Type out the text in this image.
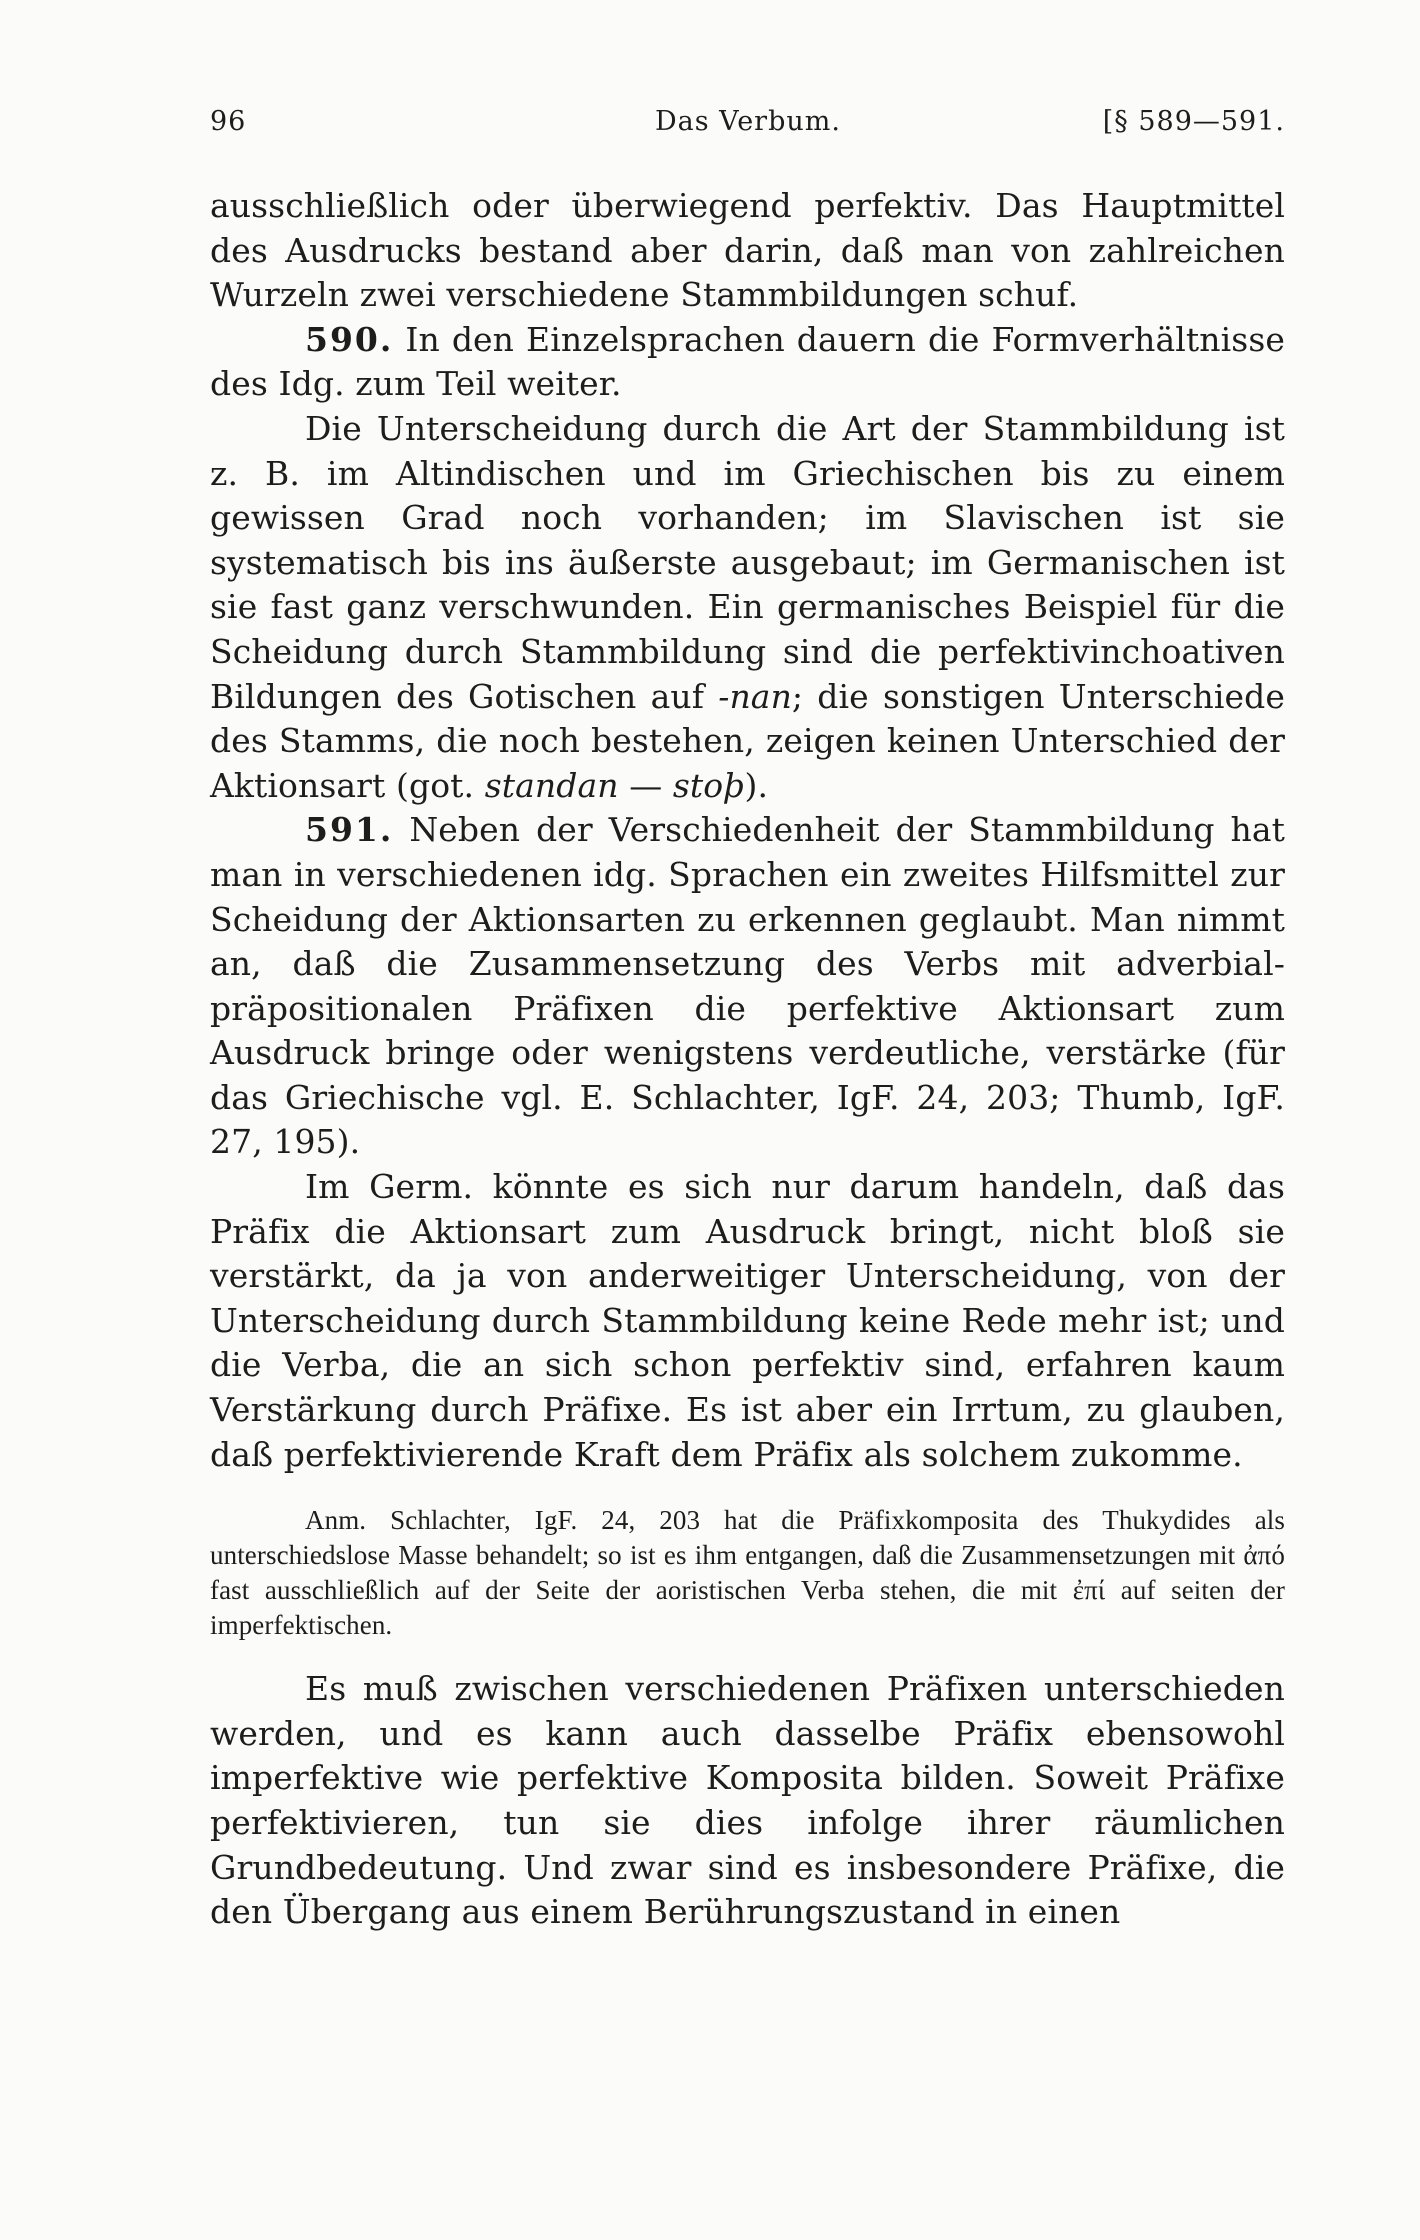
96	Das Verbum.	[§ 589—591.

ausschließlich oder überwiegend perfektiv. Das Hauptmittel des Ausdrucks bestand aber darin, daß man von zahlreichen Wurzeln zwei verschiedene Stammbildungen schuf.

590. In den Einzelsprachen dauern die Formverhältnisse des Idg. zum Teil weiter.

Die Unterscheidung durch die Art der Stammbildung ist z. B. im Altindischen und im Griechischen bis zu einem gewissen Grad noch vorhanden; im Slavischen ist sie systematisch bis ins äußerste ausgebaut; im Germanischen ist sie fast ganz verschwunden. Ein germanisches Beispiel für die Scheidung durch Stammbildung sind die perfektivinchoativen Bildungen des Gotischen auf -nan; die sonstigen Unterschiede des Stamms, die noch bestehen, zeigen keinen Unterschied der Aktionsart (got. standan — stoþ).

591. Neben der Verschiedenheit der Stammbildung hat man in verschiedenen idg. Sprachen ein zweites Hilfsmittel zur Scheidung der Aktionsarten zu erkennen geglaubt. Man nimmt an, daß die Zusammensetzung des Verbs mit adverbial-präpositionalen Präfixen die perfektive Aktionsart zum Ausdruck bringe oder wenigstens verdeutliche, verstärke (für das Griechische vgl. E. Schlachter, IgF. 24, 203; Thumb, IgF. 27, 195).

Im Germ. könnte es sich nur darum handeln, daß das Präfix die Aktionsart zum Ausdruck bringt, nicht bloß sie verstärkt, da ja von anderweitiger Unterscheidung, von der Unterscheidung durch Stammbildung keine Rede mehr ist; und die Verba, die an sich schon perfektiv sind, erfahren kaum Verstärkung durch Präfixe. Es ist aber ein Irrtum, zu glauben, daß perfektivierende Kraft dem Präfix als solchem zukomme.

Anm. Schlachter, IgF. 24, 203 hat die Präfixkomposita des Thukydides als unterschiedslose Masse behandelt; so ist es ihm entgangen, daß die Zusammensetzungen mit ἀπό fast ausschließlich auf der Seite der aoristischen Verba stehen, die mit ἐπί auf seiten der imperfektischen.

Es muß zwischen verschiedenen Präfixen unterschieden werden, und es kann auch dasselbe Präfix ebensowohl imperfektive wie perfektive Komposita bilden. Soweit Präfixe perfektivieren, tun sie dies infolge ihrer räumlichen Grundbedeutung. Und zwar sind es insbesondere Präfixe, die den Übergang aus einem Berührungszustand in einen
